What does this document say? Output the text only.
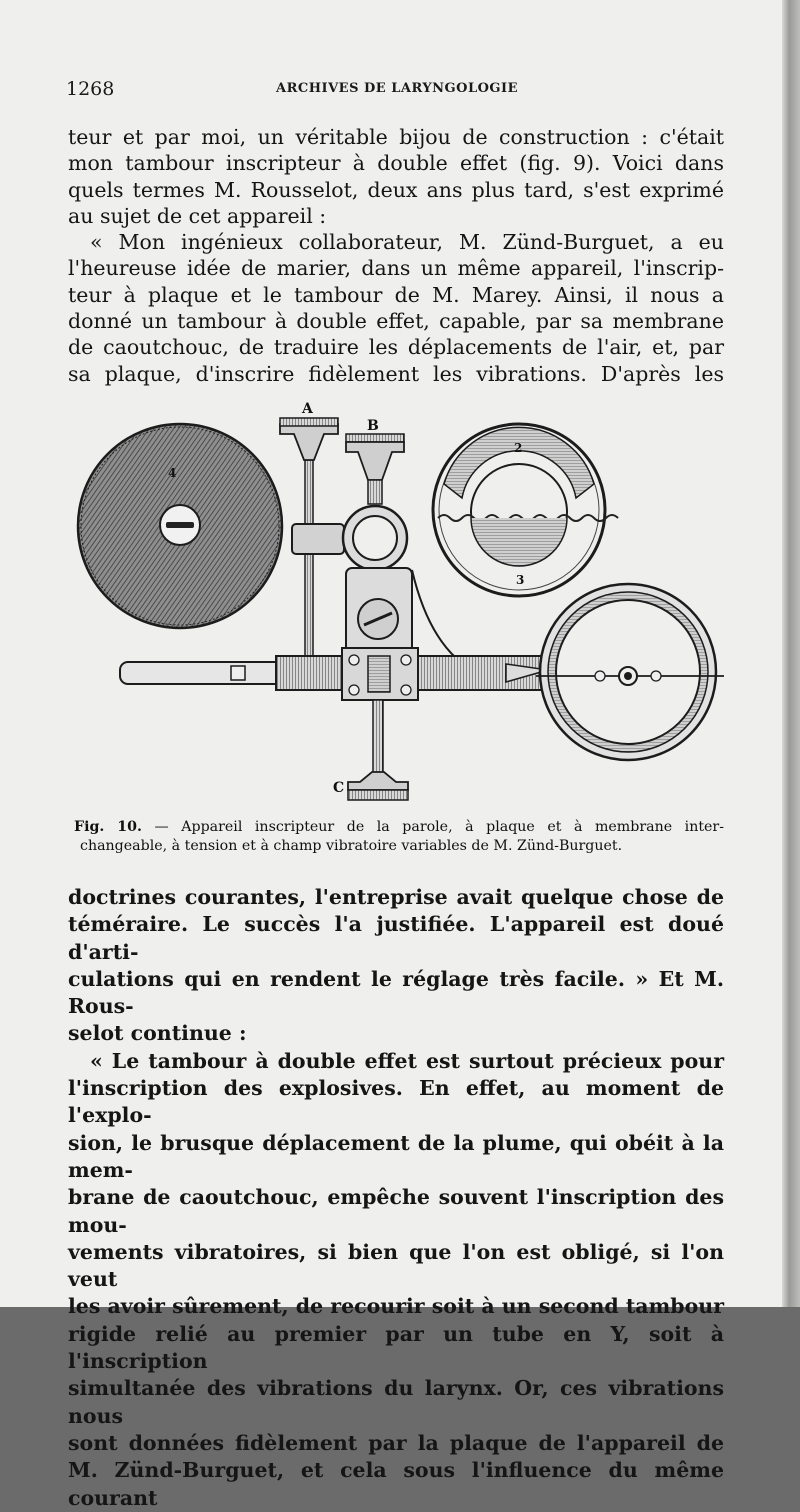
1268	ARCHIVES DE LARYNGOLOGIE

teur et par moi, un véritable bijou de construction : c'était
mon tambour inscripteur à double effet (fig. 9). Voici dans
quels termes M. Rousselot, deux ans plus tard, s'est exprimé
au sujet de cet appareil :
« Mon ingénieux collaborateur, M. Zünd-Burguet, a eu
l'heureuse idée de marier, dans un même appareil, l'inscrip-
teur à plaque et le tambour de M. Marey. Ainsi, il nous a
donné un tambour à double effet, capable, par sa membrane
de caoutchouc, de traduire les déplacements de l'air, et, par
sa plaque, d'inscrire fidèlement les vibrations. D'après les

A
B
C
2
3
4
Fig. 10. — Appareil inscripteur de la parole, à plaque et à membrane inter-
changeable, à tension et à champ vibratoire variables de M. Zünd-Burguet.

doctrines courantes, l'entreprise avait quelque chose de
téméraire. Le succès l'a justifiée. L'appareil est doué d'arti-
culations qui en rendent le réglage très facile. » Et M. Rous-
selot continue :
« Le tambour à double effet est surtout précieux pour
l'inscription des explosives. En effet, au moment de l'explo-
sion, le brusque déplacement de la plume, qui obéit à la mem-
brane de caoutchouc, empêche souvent l'inscription des mou-
vements vibratoires, si bien que l'on est obligé, si l'on veut
les avoir sûrement, de recourir soit à un second tambour
rigide relié au premier par un tube en Y, soit à l'inscription
simultanée des vibrations du larynx. Or, ces vibrations nous
sont données fidèlement par la plaque de l'appareil de
M. Zünd-Burguet, et cela sous l'influence du même courant
